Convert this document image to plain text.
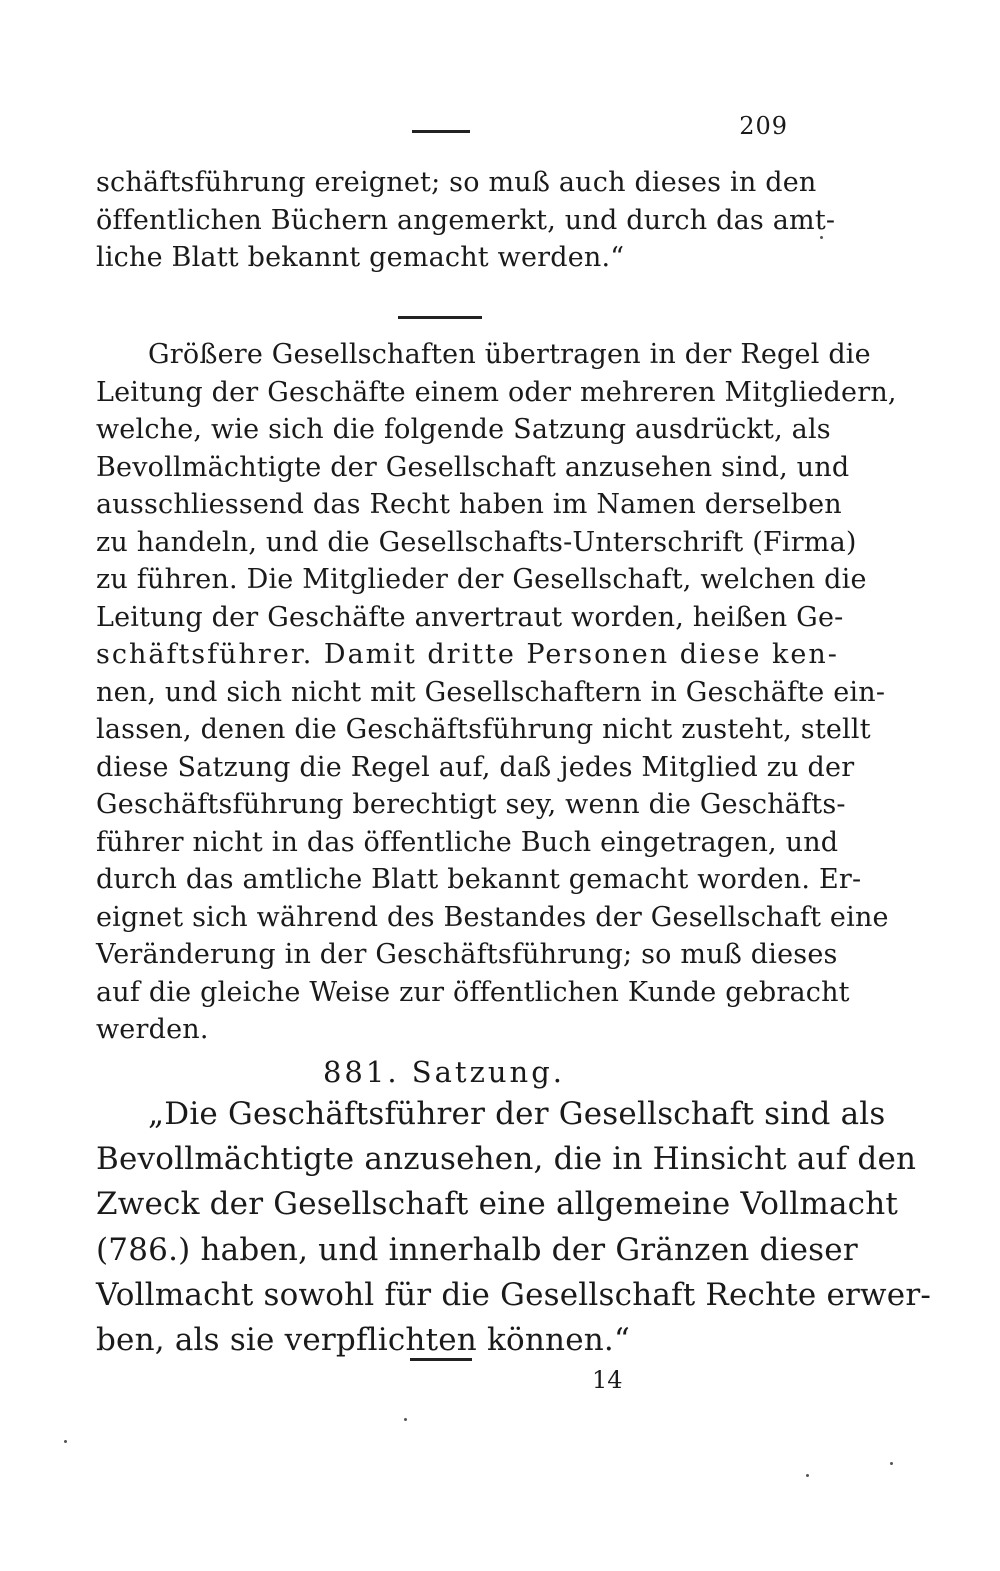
209
schäftsführung ereignet; so muß auch dieses in den
öffentlichen Büchern angemerkt, und durch das amt-
liche Blatt bekannt gemacht werden.“
Größere Gesellschaften übertragen in der Regel die
Leitung der Geschäfte einem oder mehreren Mitgliedern,
welche, wie sich die folgende Satzung ausdrückt, als
Bevollmächtigte der Gesellschaft anzusehen sind, und
ausschliessend das Recht haben im Namen derselben
zu handeln, und die Gesellschafts-Unterschrift (Firma)
zu führen. Die Mitglieder der Gesellschaft, welchen die
Leitung der Geschäfte anvertraut worden, heißen Ge-
schäftsführer. Damit dritte Personen diese ken-
nen, und sich nicht mit Gesellschaftern in Geschäfte ein-
lassen, denen die Geschäftsführung nicht zusteht, stellt
diese Satzung die Regel auf, daß jedes Mitglied zu der
Geschäftsführung berechtigt sey, wenn die Geschäfts-
führer nicht in das öffentliche Buch eingetragen, und
durch das amtliche Blatt bekannt gemacht worden. Er-
eignet sich während des Bestandes der Gesellschaft eine
Veränderung in der Geschäftsführung; so muß dieses
auf die gleiche Weise zur öffentlichen Kunde gebracht
werden.
881. Satzung.
„Die Geschäftsführer der Gesellschaft sind als
Bevollmächtigte anzusehen, die in Hinsicht auf den
Zweck der Gesellschaft eine allgemeine Vollmacht
(786.) haben, und innerhalb der Gränzen dieser
Vollmacht sowohl für die Gesellschaft Rechte erwer-
ben, als sie verpflichten können.“
14
